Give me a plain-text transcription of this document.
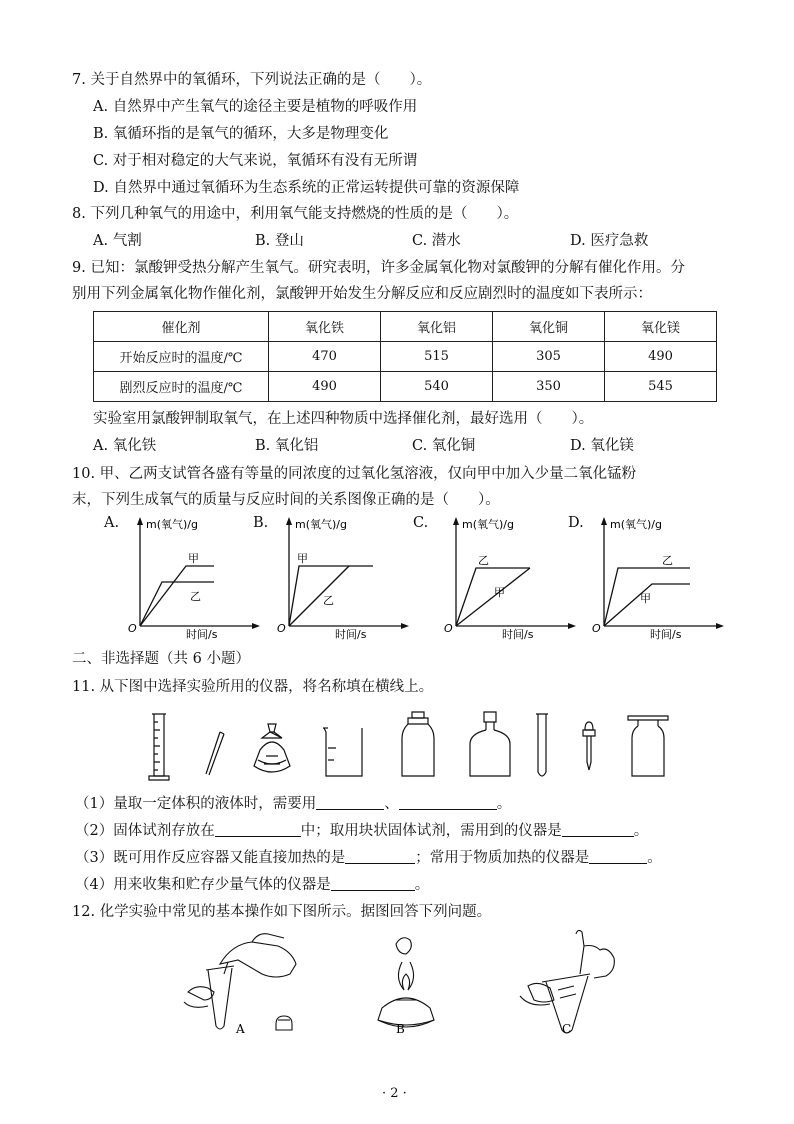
7. 关于自然界中的氧循环，下列说法正确的是（　　）。
A. 自然界中产生氧气的途径主要是植物的呼吸作用
B. 氧循环指的是氧气的循环，大多是物理变化
C. 对于相对稳定的大气来说，氧循环有没有无所谓
D. 自然界中通过氧循环为生态系统的正常运转提供可靠的资源保障
8. 下列几种氧气的用途中，利用氧气能支持燃烧的性质的是（　　）。
A. 气割	B. 登山	C. 潜水	D. 医疗急救
9. 已知：氯酸钾受热分解产生氧气。研究表明，许多金属氧化物对氯酸钾的分解有催化作用。分
别用下列金属氧化物作催化剂，氯酸钾开始发生分解反应和反应剧烈时的温度如下表所示：
催化剂	氧化铁	氧化铝	氧化铜	氧化镁
开始反应时的温度/℃	470	515	305	490
剧烈反应时的温度/℃	490	540	350	545
实验室用氯酸钾制取氧气，在上述四种物质中选择催化剂，最好选用（　　）。
A. 氧化铁	B. 氧化铝	C. 氧化铜	D. 氧化镁
10. 甲、乙两支试管各盛有等量的同浓度的过氧化氢溶液，仅向甲中加入少量二氧化锰粉
末，下列生成氧气的质量与反应时间的关系图像正确的是（　　）。
A. m(氧气)/g
时间/s
O
甲
乙
B. m(氧气)/g
时间/s
O
甲
乙
C.	m(氧气)/g
时间/s
O
乙
甲
D. m(氧气)/g
时间/s
O
乙
甲
二、非选择题（共 6 小题）
11. 从下图中选择实验所用的仪器，将名称填在横线上。
（1）量取一定体积的液体时，需要用	、	。
（2）固体试剂存放在	中；取用块状固体试剂，需用到的仪器是	。
（3）既可用作反应容器又能直接加热的是	；常用于物质加热的仪器是	。
（4）用来收集和贮存少量气体的仪器是	。
12. 化学实验中常见的基本操作如下图所示。据图回答下列问题。
A	B	C
· 2 ·
